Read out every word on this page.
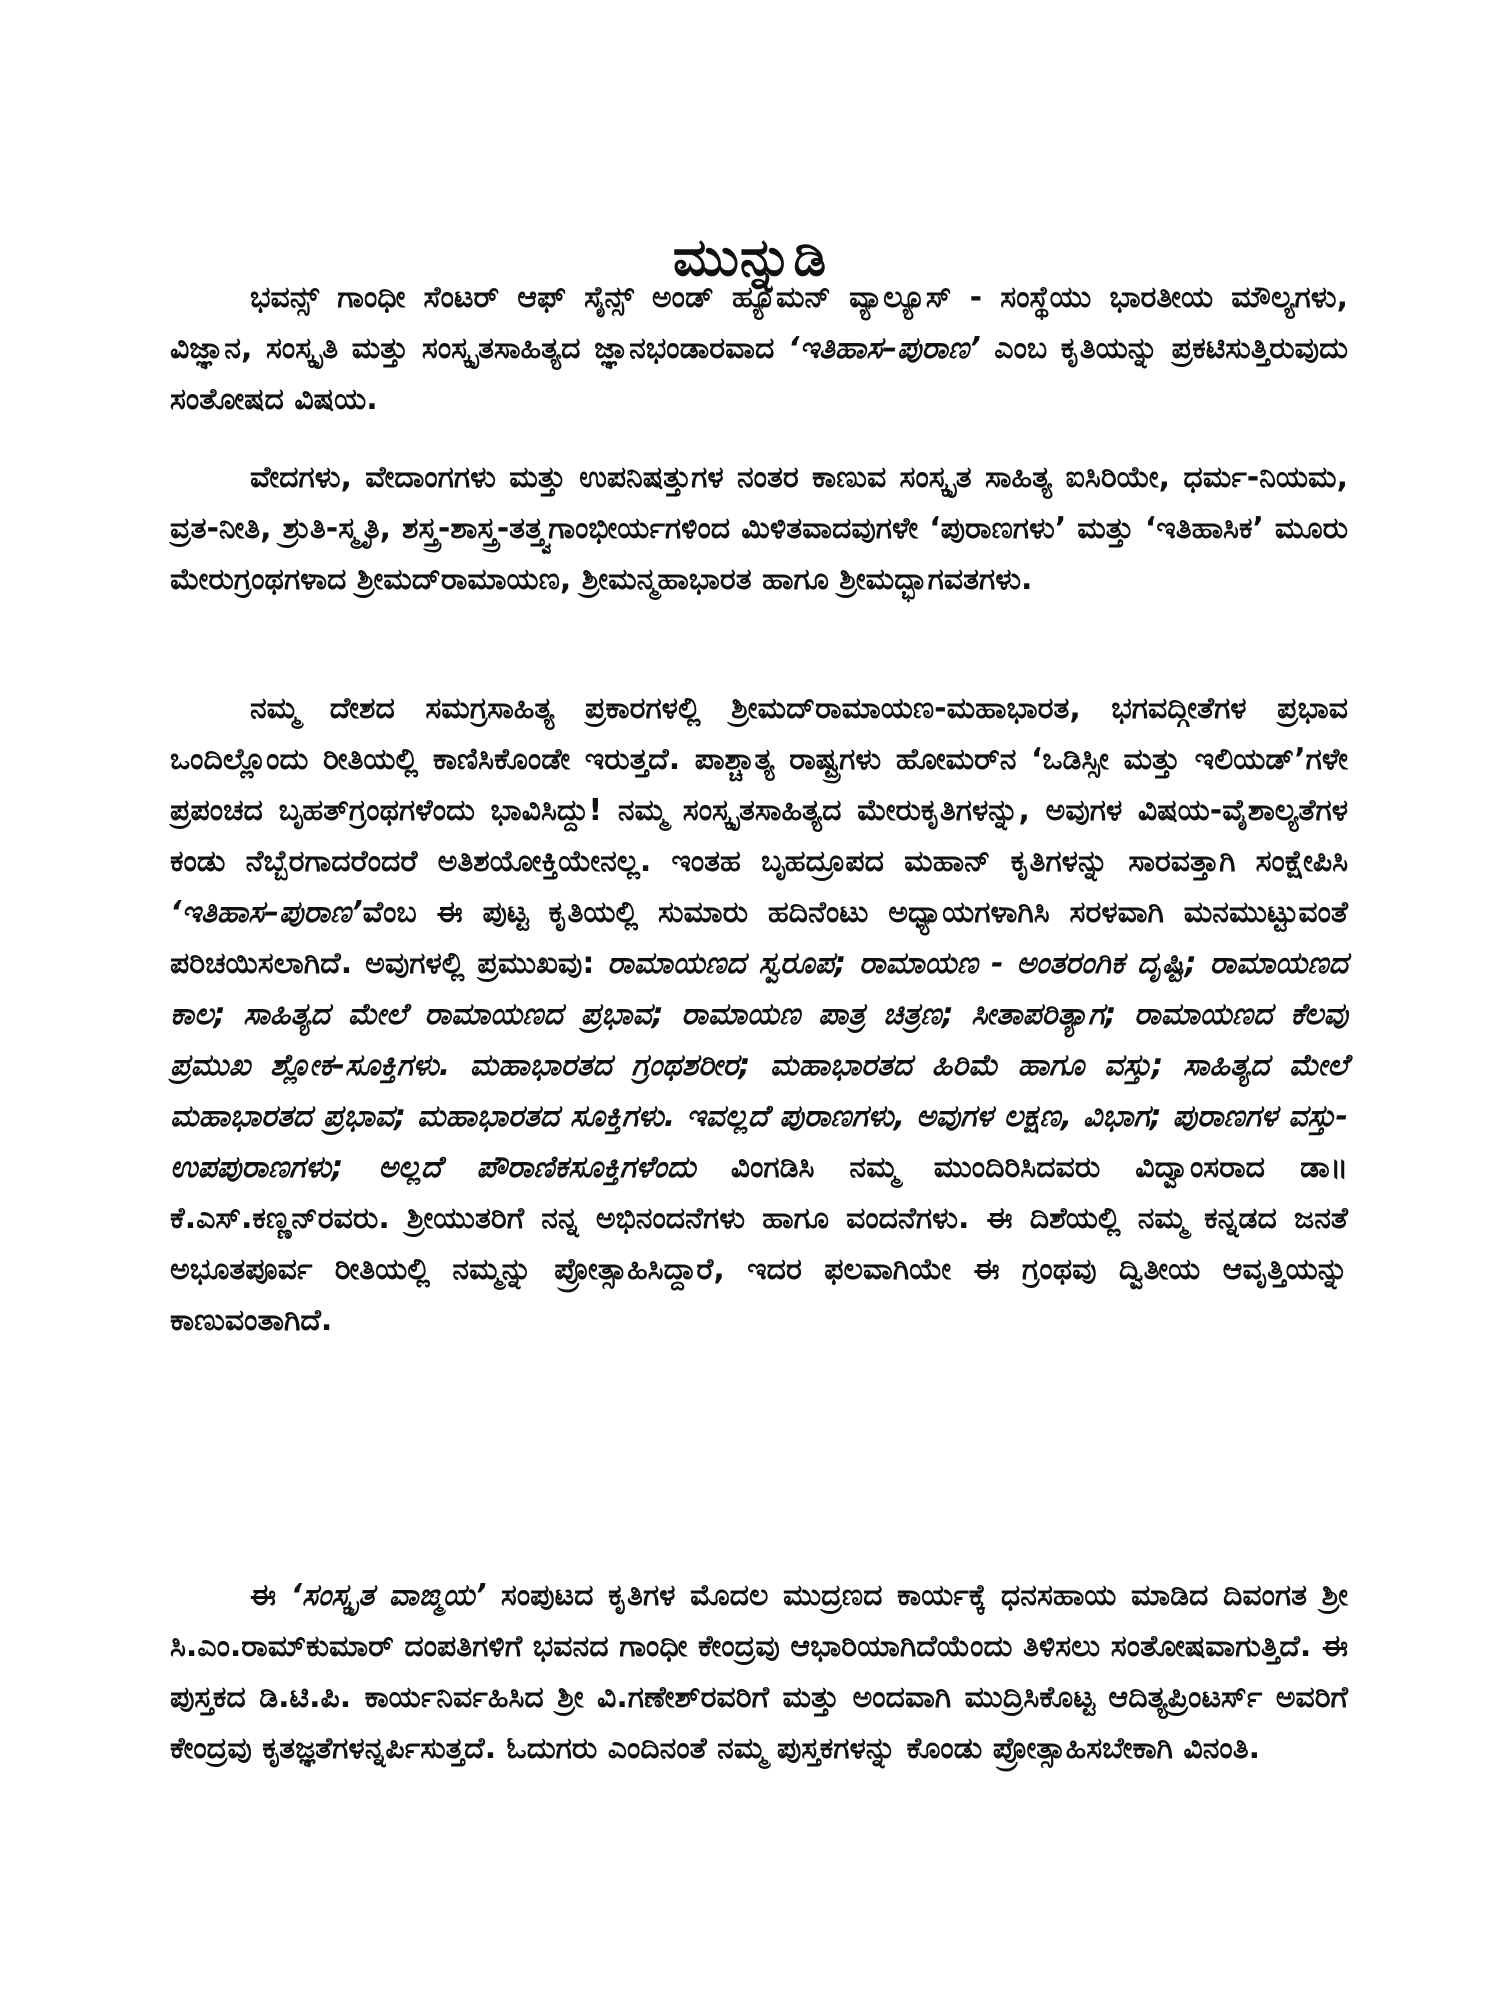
ಮುನ್ನುಡಿ

ಭವನ್ಸ್ ಗಾಂಧೀ ಸೆಂಟರ್ ಆಫ್ ಸೈನ್ಸ್ ಅಂಡ್ ಹ್ಯೂಮನ್ ವ್ಯಾಲ್ಯೂಸ್ - ಸಂಸ್ಥೆಯು ಭಾರತೀಯ ಮೌಲ್ಯಗಳು, ವಿಜ್ಞಾನ, ಸಂಸ್ಕೃತಿ ಮತ್ತು ಸಂಸ್ಕೃತಸಾಹಿತ್ಯದ ಜ್ಞಾನಭಂಡಾರವಾದ ‘ಇತಿಹಾಸ–ಪುರಾಣ’ ಎಂಬ ಕೃತಿಯನ್ನು ಪ್ರಕಟಿಸುತ್ತಿರುವುದು ಸಂತೋಷದ ವಿಷಯ.

ವೇದಗಳು, ವೇದಾಂಗಗಳು ಮತ್ತು ಉಪನಿಷತ್ತುಗಳ ನಂತರ ಕಾಣುವ ಸಂಸ್ಕೃತ ಸಾಹಿತ್ಯ ಐಸಿರಿಯೇ, ಧರ್ಮ-ನಿಯಮ, ವ್ರತ-ನೀತಿ, ಶ್ರುತಿ-ಸ್ಮೃತಿ, ಶಸ್ತ್ರ-ಶಾಸ್ತ್ರ-ತತ್ತ್ವಗಾಂಭೀರ್ಯಗಳಿಂದ ಮಿಳಿತವಾದವುಗಳೇ ‘ಪುರಾಣಗಳು’ ಮತ್ತು ‘ಇತಿಹಾಸಿಕ’ ಮೂರು ಮೇರುಗ್ರಂಥಗಳಾದ ಶ್ರೀಮದ್‌ರಾಮಾಯಣ, ಶ್ರೀಮನ್ಮಹಾಭಾರತ ಹಾಗೂ ಶ್ರೀಮದ್ಭಾಗವತಗಳು.

ನಮ್ಮ ದೇಶದ ಸಮಗ್ರಸಾಹಿತ್ಯ ಪ್ರಕಾರಗಳಲ್ಲಿ ಶ್ರೀಮದ್‌ರಾಮಾಯಣ-ಮಹಾಭಾರತ, ಭಗವದ್ಗೀತೆಗಳ ಪ್ರಭಾವ ಒಂದಿಲ್ಲೊಂದು ರೀತಿಯಲ್ಲಿ ಕಾಣಿಸಿಕೊಂಡೇ ಇರುತ್ತದೆ. ಪಾಶ್ಚಾತ್ಯ ರಾಷ್ಟ್ರಗಳು ಹೋಮರ್‌ನ ‘ಒಡಿಸ್ಸೀ ಮತ್ತು ಇಲಿಯಡ್’ಗಳೇ ಪ್ರಪಂಚದ ಬೃಹತ್‌ಗ್ರಂಥಗಳೆಂದು ಭಾವಿಸಿದ್ದು! ನಮ್ಮ ಸಂಸ್ಕೃತಸಾಹಿತ್ಯದ ಮೇರುಕೃತಿಗಳನ್ನು, ಅವುಗಳ ವಿಷಯ-ವೈಶಾಲ್ಯತೆಗಳ ಕಂಡು ನೆಬ್ಬೆರಗಾದರೆಂದರೆ ಅತಿಶಯೋಕ್ತಿಯೇನಲ್ಲ. ಇಂತಹ ಬೃಹದ್ರೂಪದ ಮಹಾನ್ ಕೃತಿಗಳನ್ನು ಸಾರವತ್ತಾಗಿ ಸಂಕ್ಷೇಪಿಸಿ ‘ಇತಿಹಾಸ–ಪುರಾಣ’ವೆಂಬ ಈ ಪುಟ್ಟ ಕೃತಿಯಲ್ಲಿ ಸುಮಾರು ಹದಿನೆಂಟು ಅಧ್ಯಾಯಗಳಾಗಿಸಿ ಸರಳವಾಗಿ ಮನಮುಟ್ಟುವಂತೆ ಪರಿಚಯಿಸಲಾಗಿದೆ. ಅವುಗಳಲ್ಲಿ ಪ್ರಮುಖವು: ರಾಮಾಯಣದ ಸ್ವರೂಪ; ರಾಮಾಯಣ - ಅಂತರಂಗಿಕ ದೃಷ್ಟಿ; ರಾಮಾಯಣದ ಕಾಲ; ಸಾಹಿತ್ಯದ ಮೇಲೆ ರಾಮಾಯಣದ ಪ್ರಭಾವ; ರಾಮಾಯಣ ಪಾತ್ರ ಚಿತ್ರಣ; ಸೀತಾಪರಿತ್ಯಾಗ; ರಾಮಾಯಣದ ಕೆಲವು ಪ್ರಮುಖ ಶ್ಲೋಕ-ಸೂಕ್ತಿಗಳು. ಮಹಾಭಾರತದ ಗ್ರಂಥಶರೀರ; ಮಹಾಭಾರತದ ಹಿರಿಮೆ ಹಾಗೂ ವಸ್ತು; ಸಾಹಿತ್ಯದ ಮೇಲೆ ಮಹಾಭಾರತದ ಪ್ರಭಾವ; ಮಹಾಭಾರತದ ಸೂಕ್ತಿಗಳು. ಇವಲ್ಲದೆ ಪುರಾಣಗಳು, ಅವುಗಳ ಲಕ್ಷಣ, ವಿಭಾಗ; ಪುರಾಣಗಳ ವಸ್ತು-ಉಪಪುರಾಣಗಳು; ಅಲ್ಲದೆ ಪೌರಾಣಿಕಸೂಕ್ತಿಗಳೆಂದು ವಿಂಗಡಿಸಿ ನಮ್ಮ ಮುಂದಿರಿಸಿದವರು ವಿದ್ವಾಂಸರಾದ ಡಾ॥ ಕೆ.ಎಸ್.ಕಣ್ಣನ್‌ರವರು. ಶ್ರೀಯುತರಿಗೆ ನನ್ನ ಅಭಿನಂದನೆಗಳು ಹಾಗೂ ವಂದನೆಗಳು. ಈ ದಿಶೆಯಲ್ಲಿ ನಮ್ಮ ಕನ್ನಡದ ಜನತೆ ಅಭೂತಪೂರ್ವ ರೀತಿಯಲ್ಲಿ ನಮ್ಮನ್ನು ಪ್ರೋತ್ಸಾಹಿಸಿದ್ದಾರೆ, ಇದರ ಫಲವಾಗಿಯೇ ಈ ಗ್ರಂಥವು ದ್ವಿತೀಯ ಆವೃತ್ತಿಯನ್ನು ಕಾಣುವಂತಾಗಿದೆ.

ಈ ‘ಸಂಸ್ಕೃತ ವಾಙ್ಮಯ’ ಸಂಪುಟದ ಕೃತಿಗಳ ಮೊದಲ ಮುದ್ರಣದ ಕಾರ್ಯಕ್ಕೆ ಧನಸಹಾಯ ಮಾಡಿದ ದಿವಂಗತ ಶ್ರೀ ಸಿ.ಎಂ.ರಾಮ್‌ಕುಮಾರ್ ದಂಪತಿಗಳಿಗೆ ಭವನದ ಗಾಂಧೀ ಕೇಂದ್ರವು ಆಭಾರಿಯಾಗಿದೆಯೆಂದು ತಿಳಿಸಲು ಸಂತೋಷವಾಗುತ್ತಿದೆ. ಈ ಪುಸ್ತಕದ ಡಿ.ಟಿ.ಪಿ. ಕಾರ್ಯನಿರ್ವಹಿಸಿದ ಶ್ರೀ ವಿ.ಗಣೇಶ್‌ರವರಿಗೆ ಮತ್ತು ಅಂದವಾಗಿ ಮುದ್ರಿಸಿಕೊಟ್ಟ ಆದಿತ್ಯಪ್ರಿಂಟರ್ಸ್ ಅವರಿಗೆ ಕೇಂದ್ರವು ಕೃತಜ್ಞತೆಗಳನ್ನರ್ಪಿಸುತ್ತದೆ. ಓದುಗರು ಎಂದಿನಂತೆ ನಮ್ಮ ಪುಸ್ತಕಗಳನ್ನು ಕೊಂಡು ಪ್ರೋತ್ಸಾಹಿಸಬೇಕಾಗಿ ವಿನಂತಿ.
